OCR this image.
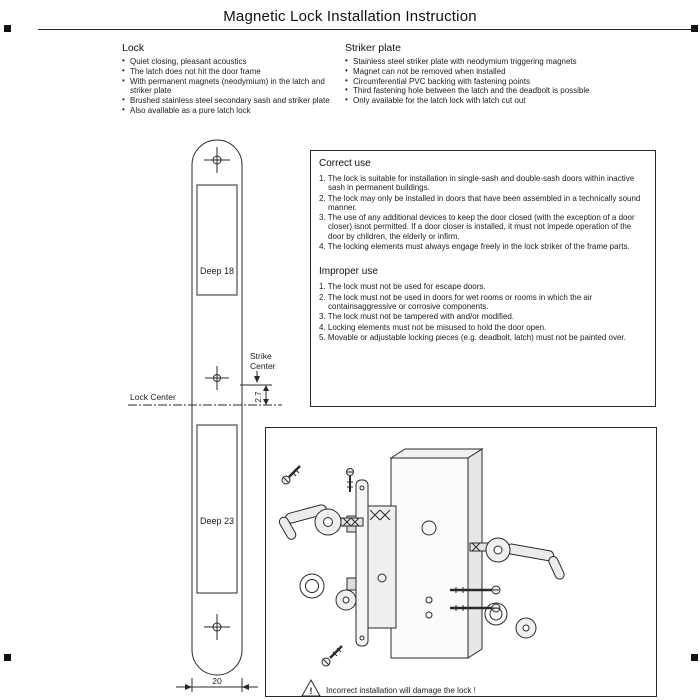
Magnetic Lock Installation Instruction
Lock
• Quiet closing, pleasant acoustics
• The latch does not hit the door frame
• With permanent magnets (neodymium) in the latch and striker plate
• Brushed stainless steel secondary sash and striker plate
• Also available as a pure latch lock
Striker plate
• Stainless steel striker plate with neodymium triggering magnets
• Magnet can not be removed when installed
• Circumferential PVC backing with fastening points
• Third fastening hole between the latch and the deadbolt is possible
• Only available for the latch lock with latch cut out
Correct use
1. The lock is suitable for installation in single-sash and double-sash doors within inactive sash in permanent buildings.
2. The lock may only be installed in doors that have been assembled in a technically sound manner.
3. The use of any additional devices to keep the door closed (with the exception of a door closer) isnot permitted. If a door closer is installed, it must not impede operation of the door by children, the elderly or infirm.
4. The locking elements must always engage freely in the lock striker of the frame parts.
Improper use
1. The lock must not be used for escape doors.
2. The lock must not be used in doors for wet rooms or rooms in which the air containsaggressive or corrosive components.
3. The lock must not be tampered with and/or modified.
4. Locking elements must not be misused to hold the door open.
5. Movable or adjustable locking pieces (e.g. deadbolt, latch) must not be painted over.
Deep 18
Strike
Center
Lock Center	2.7
Deep 23
20
! Incorrect installation will damage the lock !
